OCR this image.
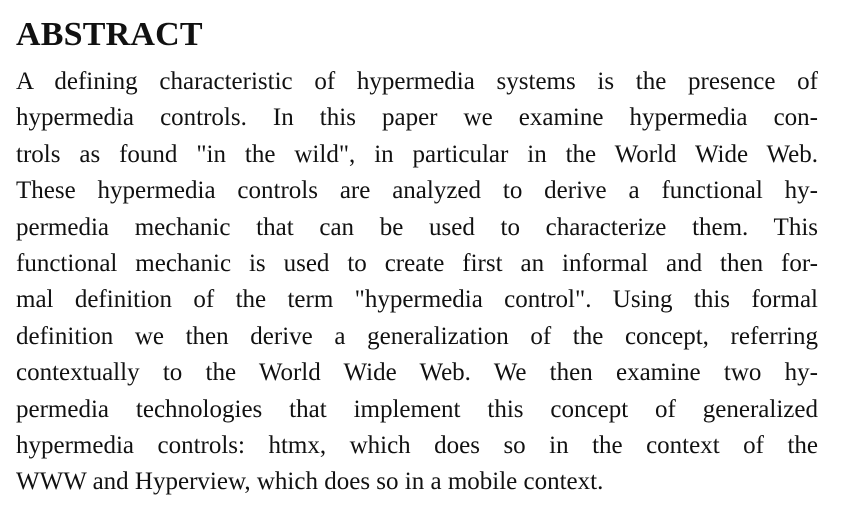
ABSTRACT
A defining characteristic of hypermedia systems is the presence of
hypermedia controls. In this paper we examine hypermedia con-
trols as found "in the wild", in particular in the World Wide Web.
These hypermedia controls are analyzed to derive a functional hy-
permedia mechanic that can be used to characterize them. This
functional mechanic is used to create first an informal and then for-
mal definition of the term "hypermedia control". Using this formal
definition we then derive a generalization of the concept, referring
contextually to the World Wide Web. We then examine two hy-
permedia technologies that implement this concept of generalized
hypermedia controls: htmx, which does so in the context of the
WWW and Hyperview, which does so in a mobile context.
